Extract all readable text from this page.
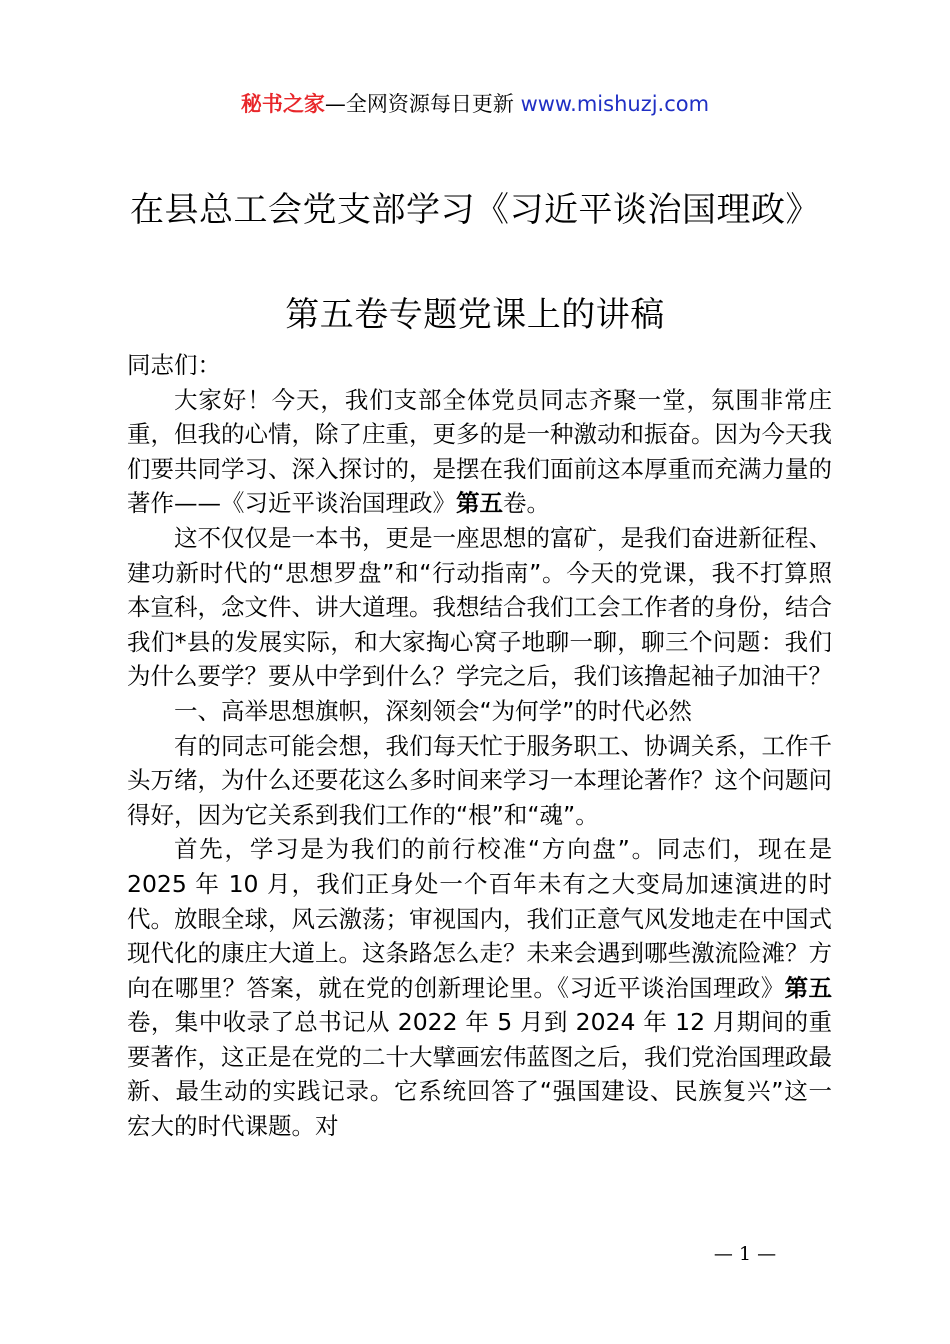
秘书之家—全网资源每日更新 www.mishuzj.com
在县总工会党支部学习《习近平谈治国理政》
第五卷专题党课上的讲稿

同志们：

大家好！今天，我们支部全体党员同志齐聚一堂，氛围非常庄重，但我的心情，除了庄重，更多的是一种激动和振奋。因为今天我们要共同学习、深入探讨的，是摆在我们面前这本厚重而充满力量的著作——《习近平谈治国理政》第五卷。

这不仅仅是一本书，更是一座思想的富矿，是我们奋进新征程、建功新时代的“思想罗盘”和“行动指南”。今天的党课，我不打算照本宣科，念文件、讲大道理。我想结合我们工会工作者的身份，结合我们*县的发展实际，和大家掏心窝子地聊一聊，聊三个问题：我们为什么要学？要从中学到什么？学完之后，我们该撸起袖子加油干？

一、高举思想旗帜，深刻领会“为何学”的时代必然

有的同志可能会想，我们每天忙于服务职工、协调关系，工作千头万绪，为什么还要花这么多时间来学习一本理论著作？这个问题问得好，因为它关系到我们工作的“根”和“魂”。

首先，学习是为我们的前行校准“方向盘”。同志们，现在是 2025 年 10 月，我们正身处一个百年未有之大变局加速演进的时代。放眼全球，风云激荡；审视国内，我们正意气风发地走在中国式现代化的康庄大道上。这条路怎么走？未来会遇到哪些激流险滩？方向在哪里？答案，就在党的创新理论里。《习近平谈治国理政》第五卷，集中收录了总书记从 2022 年 5 月到 2024 年 12 月期间的重要著作，这正是在党的二十大擘画宏伟蓝图之后，我们党治国理政最新、最生动的实践记录。它系统回答了“强国建设、民族复兴”这一宏大的时代课题。对

— 1 —
